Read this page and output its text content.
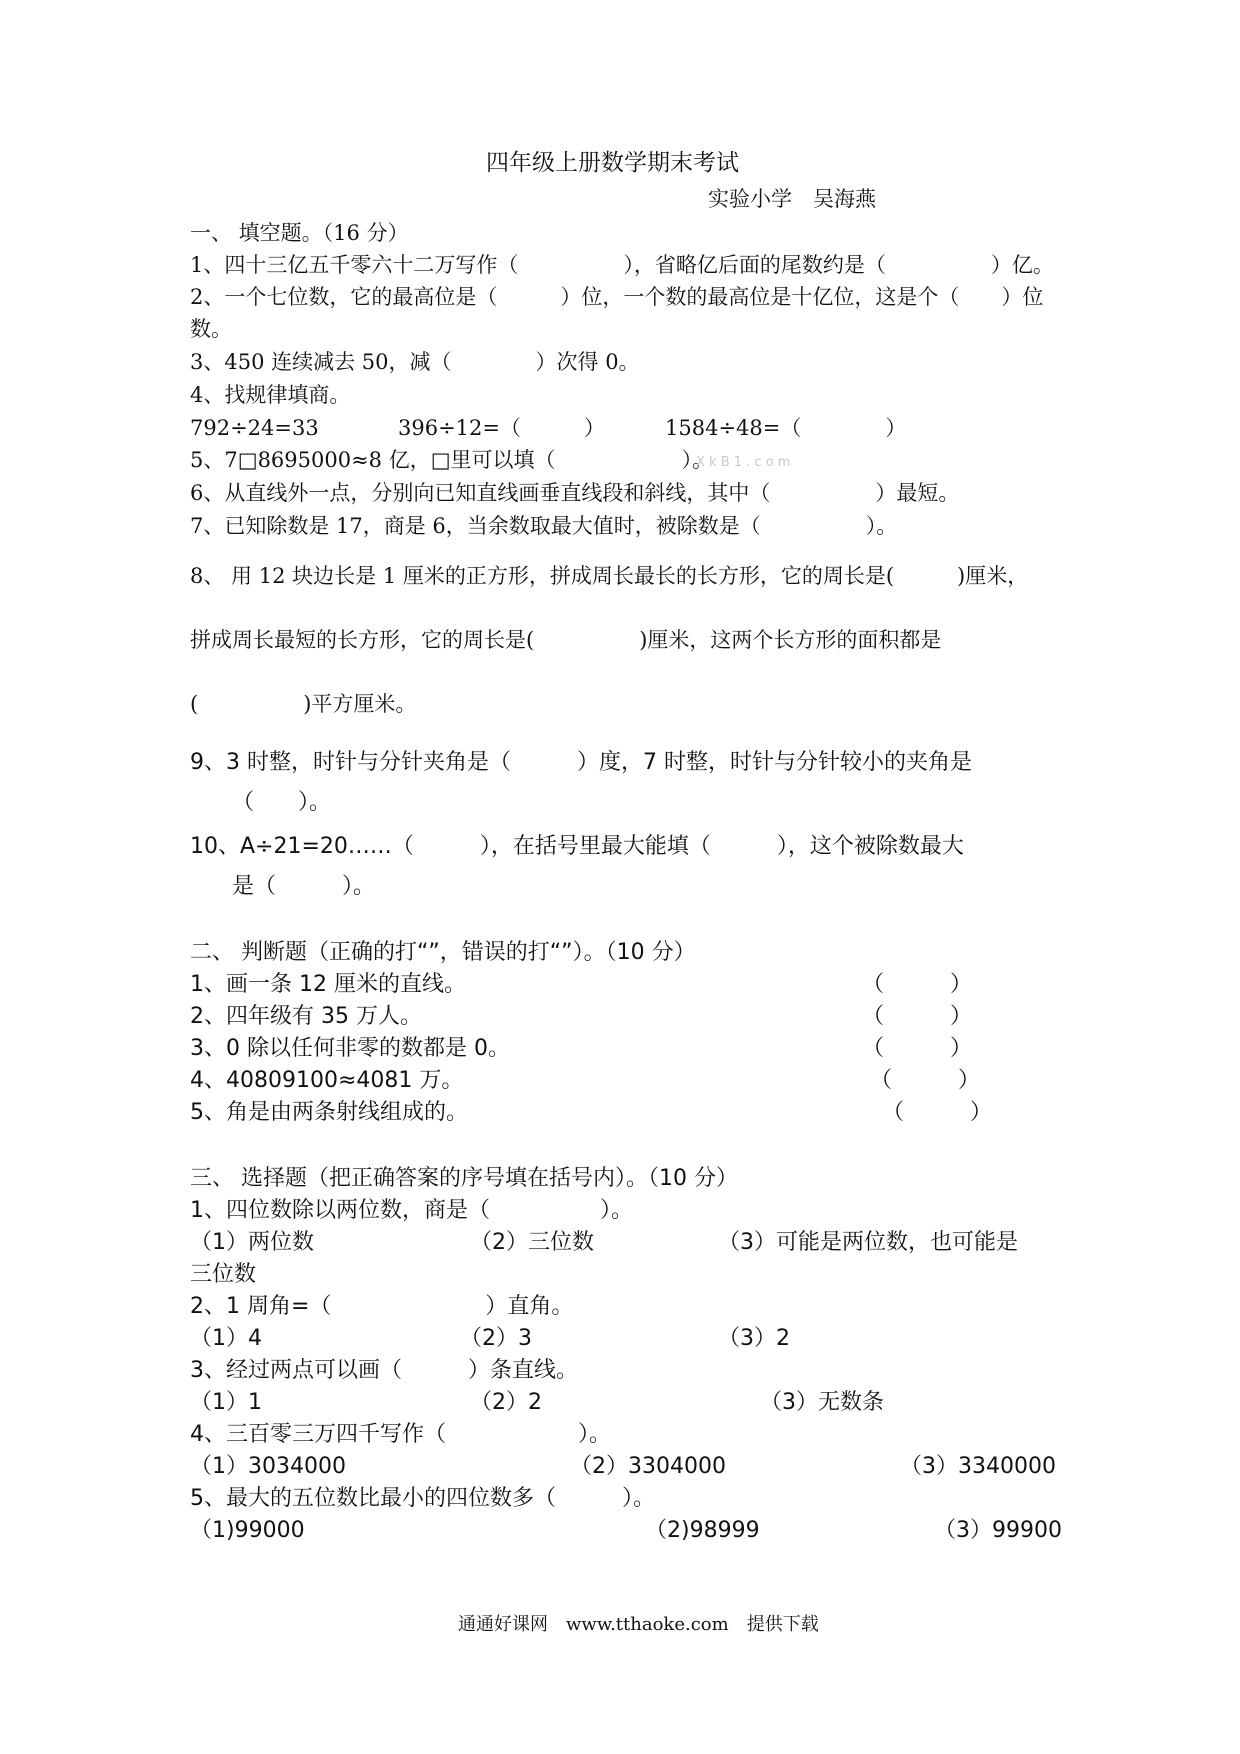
四年级上册数学期末考试
实验小学　吴海燕
一、 填空题。（16 分）
1、四十三亿五千零六十二万写作（　　　　　），省略亿后面的尾数约是（　　　　　）亿。
2、一个七位数，它的最高位是（　　　）位，一个数的最高位是十亿位，这是个（　　）位
数。
3、450 连续减去 50，减（　　　　）次得 0。
4、找规律填商。
792÷24=33	396÷12=（　　　）	1584÷48=（　　　　）
5、7□8695000≈8 亿，□里可以填（　　　　　　）。
X k B 1 . c o m
6、从直线外一点，分别向已知直线画垂直线段和斜线，其中（　　　　　）最短。
7、已知除数是 17，商是 6，当余数取最大值时，被除数是（　　　　　）。
8、 用 12 块边长是 1 厘米的正方形，拼成周长最长的长方形，它的周长是(　　　)厘米，
拼成周长最短的长方形，它的周长是(　　　　　)厘米，这两个长方形的面积都是
(　　　　　)平方厘米。
9、3 时整，时针与分针夹角是（　　　）度，7 时整，时针与分针较小的夹角是
（　　）。
10、A÷21=20……（　　　），在括号里最大能填（　　　），这个被除数最大
是（　　　）。
二、 判断题（正确的打“”，错误的打“”）。（10 分）
1、画一条 12 厘米的直线。	（　　　）
2、四年级有 35 万人。	（　　　）
3、0 除以任何非零的数都是 0。	（　　　）
4、40809100≈4081 万。	（　　　）
5、角是由两条射线组成的。	（　　　）
三、 选择题（把正确答案的序号填在括号内）。（10 分）
1、四位数除以两位数，商是（　　　　　）。
（1）两位数	（2）三位数	（3）可能是两位数，也可能是
三位数
2、1 周角=（　　　　　　　）直角。
（1）4	（2）3	（3）2
3、经过两点可以画（　　　）条直线。
（1）1	（2）2	（3）无数条
4、三百零三万四千写作（　　　　　　）。
（1）3034000	（2）3304000	（3）3340000
5、最大的五位数比最小的四位数多（　　　）。
（1)99000	（2)98999	（3）99900
通通好课网　www.tthaoke.com　提供下载
